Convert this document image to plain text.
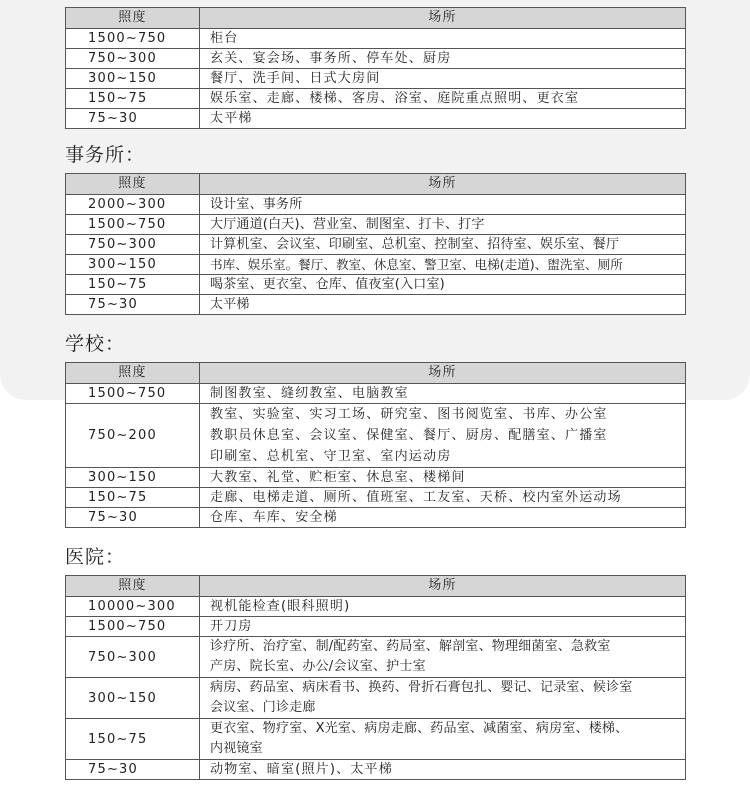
照度	场所
1500~750	柜台
750~300	玄关、宴会场、事务所、停车处、厨房
300~150	餐厅、洗手间、日式大房间
150~75	娱乐室、走廊、楼梯、客房、浴室、庭院重点照明、更衣室
75~30	太平梯
事务所：
照度	场所
2000~300	设计室、事务所
1500~750	大厅通道(白天)、营业室、制图室、打卡、打字
750~300	计算机室、会议室、印刷室、总机室、控制室、招待室、娱乐室、餐厅
300~150	书库、娱乐室。餐厅、教室、休息室、警卫室、电梯(走道)、盥洗室、厕所
150~75	喝茶室、更衣室、仓库、值夜室(入口室)
75~30	太平梯
学校：
照度	场所
1500~750	制图教室、缝纫教室、电脑教室
750~200	教室、实验室、实习工场、研究室、图书阅览室、书库、办公室
教职员休息室、会议室、保健室、餐厅、厨房、配膳室、广播室
印刷室、总机室、守卫室、室内运动房
300~150	大教室、礼堂、贮柜室、休息室、楼梯间
150~75	走廊、电梯走道、厕所、值班室、工友室、天桥、校内室外运动场
75~30	仓库、车库、安全梯
医院：
照度	场所
10000~300	视机能检查(眼科照明)
1500~750	开刀房
750~300	诊疗所、治疗室、制/配药室、药局室、解剖室、物理细菌室、急救室
产房、院长室、办公/会议室、护士室
300~150	病房、药品室、病床看书、换药、骨折石膏包扎、婴记、记录室、候诊室
会议室、门诊走廊
150~75	更衣室、物疗室、X光室、病房走廊、药品室、减菌室、病房室、楼梯、
内视镜室
75~30	动物室、暗室(照片)、太平梯
